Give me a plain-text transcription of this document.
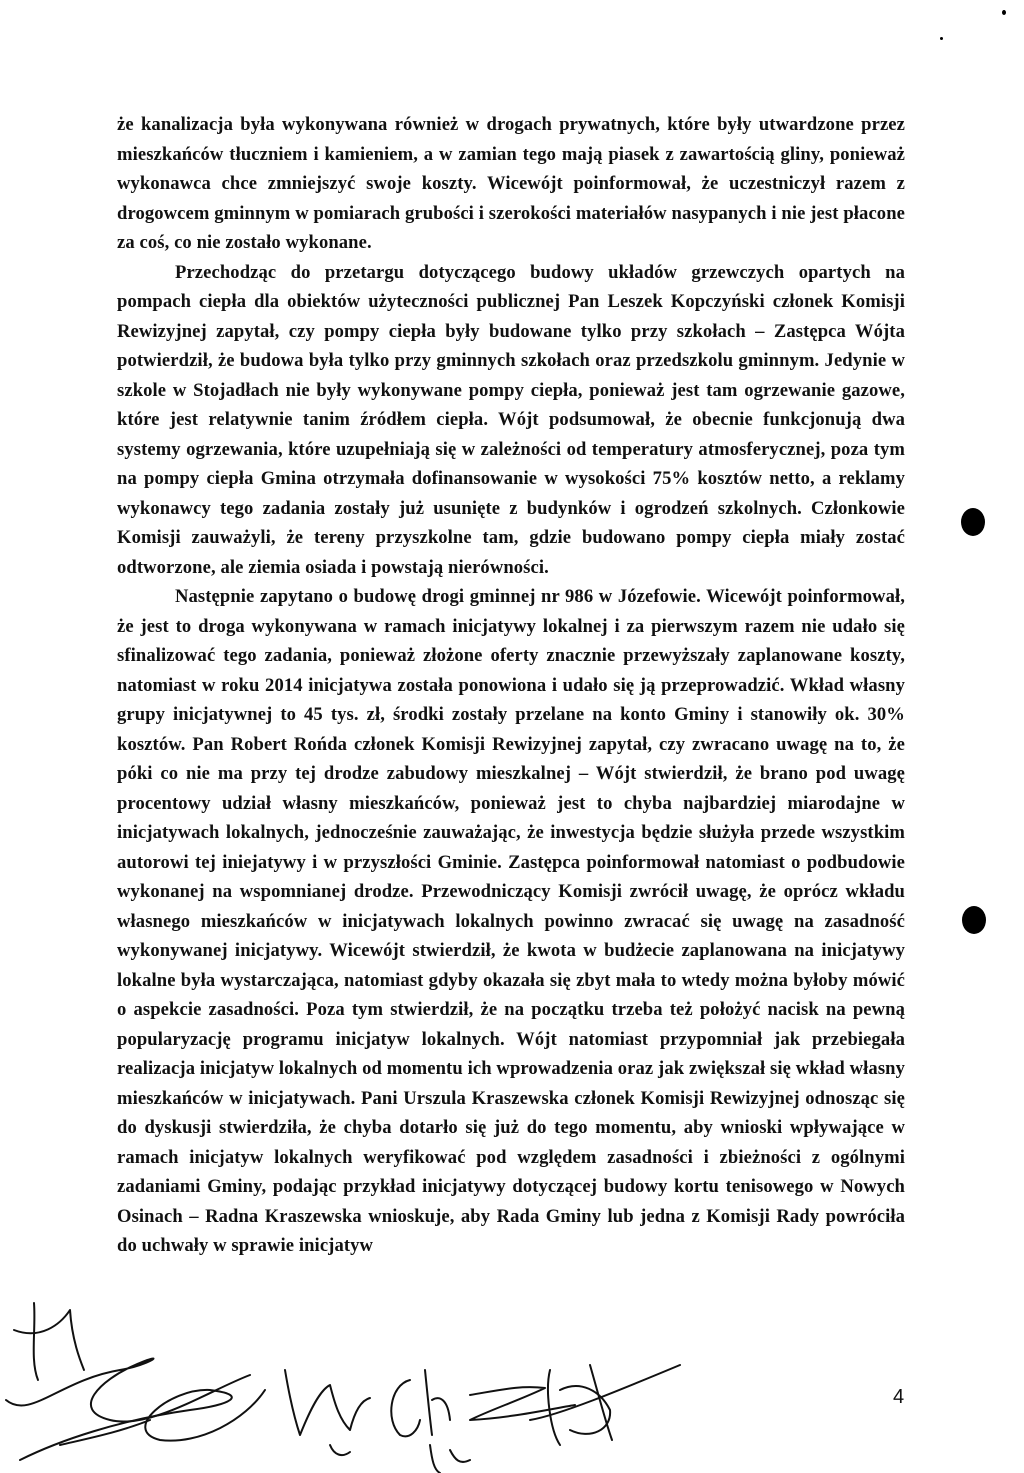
że kanalizacja była wykonywana również w drogach prywatnych, które były utwardzone przez mieszkańców tłuczniem i kamieniem, a w zamian tego mają piasek z zawartością gliny, ponieważ wykonawca chce zmniejszyć swoje koszty. Wicewójt poinformował, że uczestniczył razem z drogowcem gminnym w pomiarach grubości i szerokości materiałów nasypanych i nie jest płacone za coś, co nie zostało wykonane.

Przechodząc do przetargu dotyczącego budowy układów grzewczych opartych na pompach ciepła dla obiektów użyteczności publicznej Pan Leszek Kopczyński członek Komisji Rewizyjnej zapytał, czy pompy ciepła były budowane tylko przy szkołach – Zastępca Wójta potwierdził, że budowa była tylko przy gminnych szkołach oraz przedszkolu gminnym. Jedynie w szkole w Stojadłach nie były wykonywane pompy ciepła, ponieważ jest tam ogrzewanie gazowe, które jest relatywnie tanim źródłem ciepła. Wójt podsumował, że obecnie funkcjonują dwa systemy ogrzewania, które uzupełniają się w zależności od temperatury atmosferycznej, poza tym na pompy ciepła Gmina otrzymała dofinansowanie w wysokości 75% kosztów netto, a reklamy wykonawcy tego zadania zostały już usunięte z budynków i ogrodzeń szkolnych. Członkowie Komisji zauważyli, że tereny przyszkolne tam, gdzie budowano pompy ciepła miały zostać odtworzone, ale ziemia osiada i powstają nierówności.

Następnie zapytano o budowę drogi gminnej nr 986 w Józefowie. Wicewójt poinformował, że jest to droga wykonywana w ramach inicjatywy lokalnej i za pierwszym razem nie udało się sfinalizować tego zadania, ponieważ złożone oferty znacznie przewyższały zaplanowane koszty, natomiast w roku 2014 inicjatywa została ponowiona i udało się ją przeprowadzić. Wkład własny grupy inicjatywnej to 45 tys. zł, środki zostały przelane na konto Gminy i stanowiły ok. 30% kosztów. Pan Robert Rońda członek Komisji Rewizyjnej zapytał, czy zwracano uwagę na to, że póki co nie ma przy tej drodze zabudowy mieszkalnej – Wójt stwierdził, że brano pod uwagę procentowy udział własny mieszkańców, ponieważ jest to chyba najbardziej miarodajne w inicjatywach lokalnych, jednocześnie zauważając, że inwestycja będzie służyła przede wszystkim autorowi tej iniejatywy i w przyszłości Gminie. Zastępca poinformował natomiast o podbudowie wykonanej na wspomnianej drodze. Przewodniczący Komisji zwrócił uwagę, że oprócz wkładu własnego mieszkańców w inicjatywach lokalnych powinno zwracać się uwagę na zasadność wykonywanej inicjatywy. Wicewójt stwierdził, że kwota w budżecie zaplanowana na inicjatywy lokalne była wystarczająca, natomiast gdyby okazała się zbyt mała to wtedy można byłoby mówić o aspekcie zasadności. Poza tym stwierdził, że na początku trzeba też położyć nacisk na pewną popularyzację programu inicjatyw lokalnych. Wójt natomiast przypomniał jak przebiegała realizacja inicjatyw lokalnych od momentu ich wprowadzenia oraz jak zwiększał się wkład własny mieszkańców w inicjatywach. Pani Urszula Kraszewska członek Komisji Rewizyjnej odnosząc się do dyskusji stwierdziła, że chyba dotarło się już do tego momentu, aby wnioski wpływające w ramach inicjatyw lokalnych weryfikować pod względem zasadności i zbieżności z ogólnymi zadaniami Gminy, podając przykład inicjatywy dotyczącej budowy kortu tenisowego w Nowych Osinach – Radna Kraszewska wnioskuje, aby Rada Gminy lub jedna z Komisji Rady powróciła do uchwały w sprawie inicjatyw

4
